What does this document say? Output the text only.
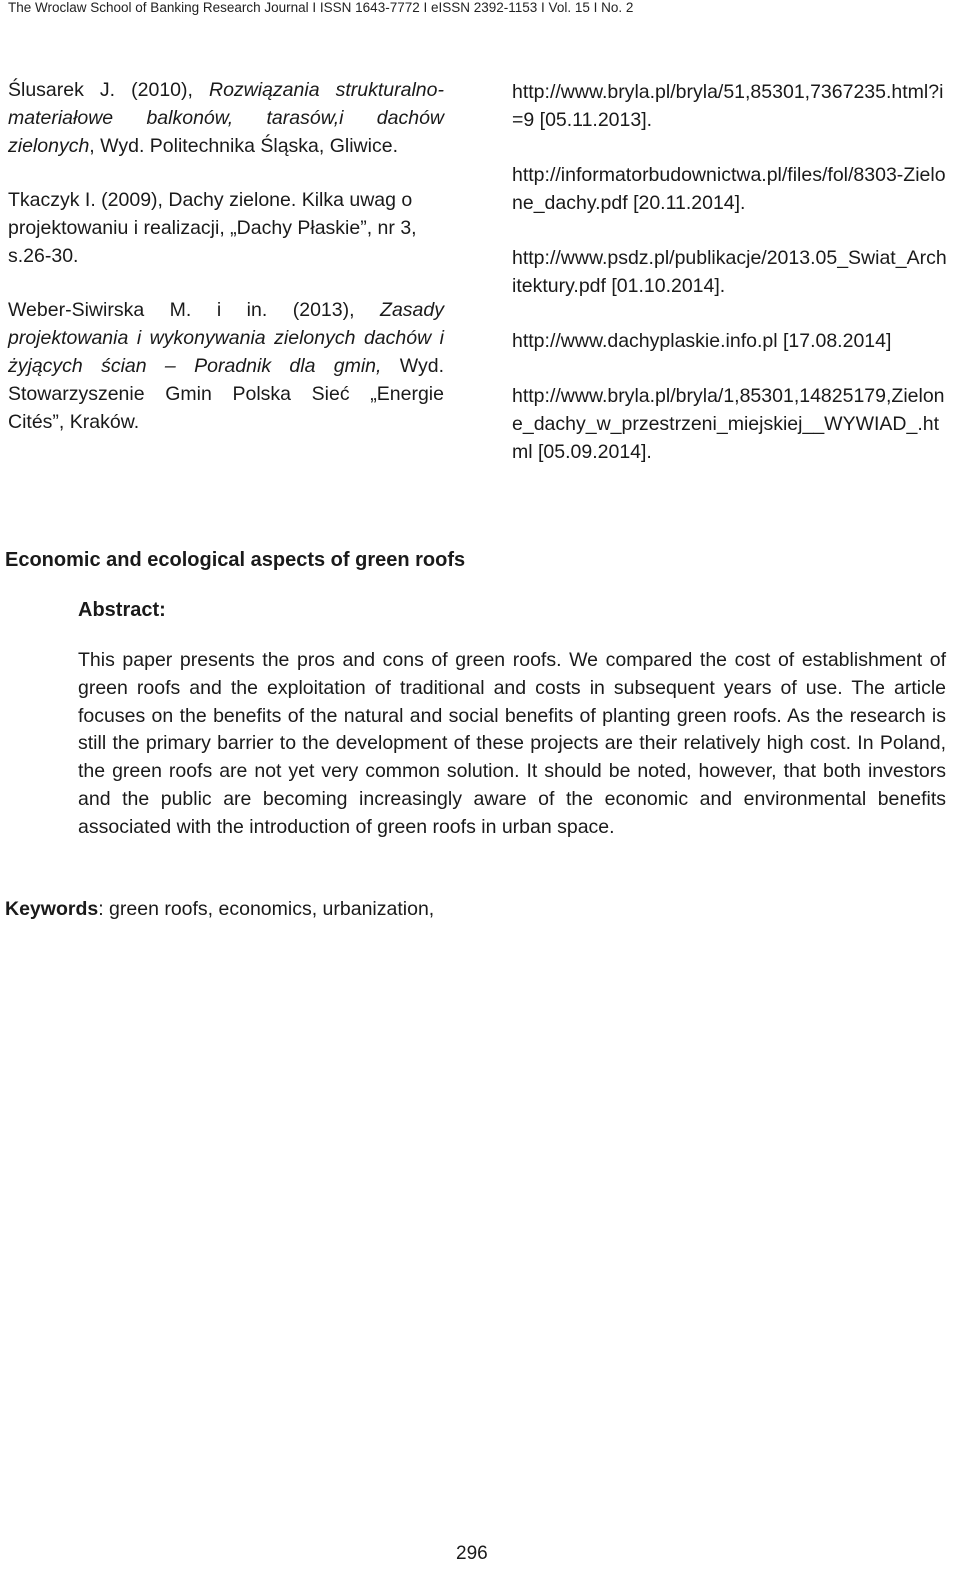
The Wroclaw School of Banking Research Journal I ISSN 1643-7772 I eISSN 2392-1153 I Vol. 15 I No. 2

Ślusarek J. (2010), Rozwiązania strukturalno-materiałowe balkonów, tarasów,i dachów zielonych, Wyd. Politechnika Śląska, Gliwice.

Tkaczyk I. (2009), Dachy zielone. Kilka uwag o projektowaniu i realizacji, „Dachy Płaskie”, nr 3, s.26-30.

Weber-Siwirska M. i in. (2013), Zasady projektowania i wykonywania zielonych dachów i żyjących ścian – Poradnik dla gmin, Wyd. Stowarzyszenie Gmin Polska Sieć „Energie Cités”, Kraków.

http://www.bryla.pl/bryla/51,85301,7367235.html?i=9 [05.11.2013].

http://informatorbudownictwa.pl/files/fol/8303-Zielone_dachy.pdf [20.11.2014].

http://www.psdz.pl/publikacje/2013.05_Swiat_Architektury.pdf [01.10.2014].

http://www.dachyplaskie.info.pl [17.08.2014]

http://www.bryla.pl/bryla/1,85301,14825179,Zielone_dachy_w_przestrzeni_miejskiej__WYWIAD_.html [05.09.2014].

Economic and ecological aspects of green roofs
Abstract:

This paper presents the pros and cons of green roofs. We compared the cost of establishment of green roofs and the exploitation of traditional and costs in subsequent years of use. The article focuses on the benefits of the natural and social benefits of planting green roofs. As the research is still the primary barrier to the development of these projects are their relatively high cost. In Poland, the green roofs are not yet very common solution. It should be noted, however, that both investors and the public are becoming increasingly aware of the economic and environmental benefits associated with the introduction of green roofs in urban space.

Keywords: green roofs, economics, urbanization,
296
